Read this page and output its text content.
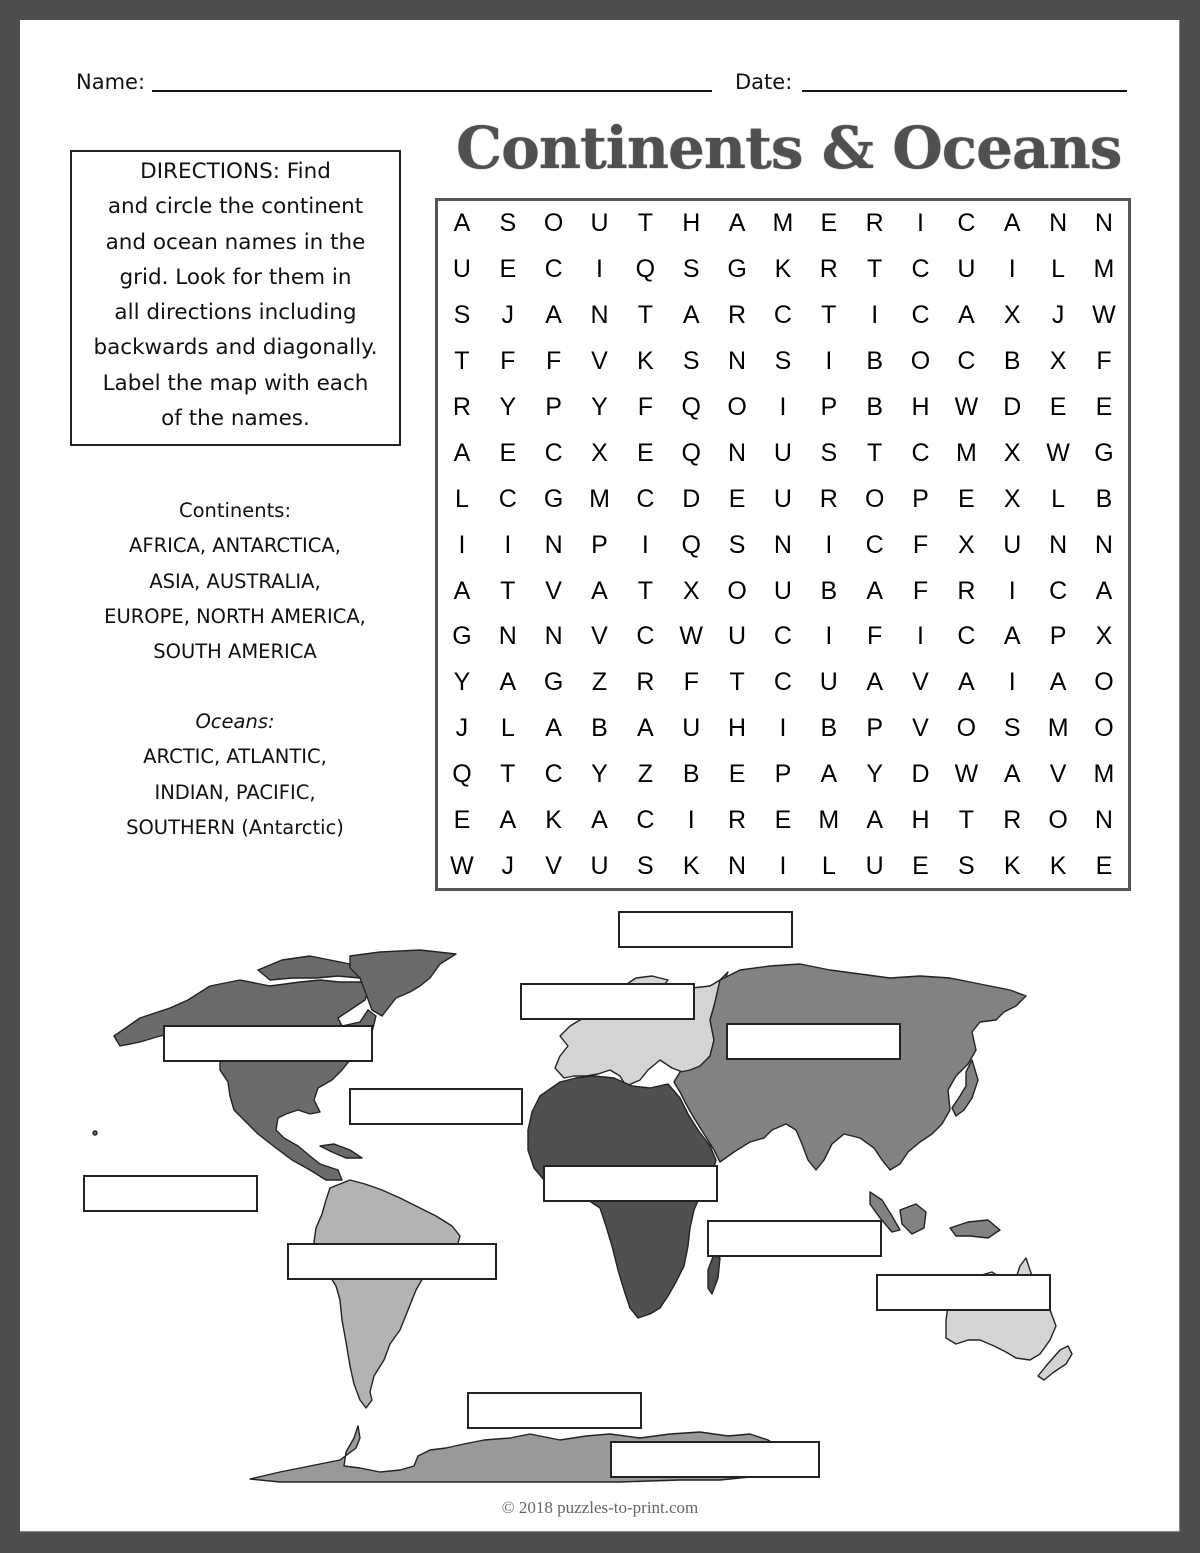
Name:	Date:
Continents & Oceans
DIRECTIONS: Find
and circle the continent
and ocean names in the
grid. Look for them in
all directions including
backwards and diagonally.
Label the map with each
of the names.
Continents:
AFRICA, ANTARCTICA,
ASIA, AUSTRALIA,
EUROPE, NORTH AMERICA,
SOUTH AMERICA
Oceans:
ARCTIC, ATLANTIC,
INDIAN, PACIFIC,
SOUTHERN (Antarctic)
A	S	O	U	T	H	A	M	E	R	I	C	A	N	N
U	E	C	I	Q	S	G	K	R	T	C	U	I	L	M
S	J	A	N	T	A	R	C	T	I	C	A	X	J	W
T	F	F	V	K	S	N	S	I	B	O	C	B	X	F
R	Y	P	Y	F	Q	O	I	P	B	H	W	D	E	E
A	E	C	X	E	Q	N	U	S	T	C	M	X	W G
L	C	G	M	C	D	E	U	R	O	P	E	X	L	B
I	I	N	P	I	Q	S	N	I	C	F	X	U	N	N
A	T	V	A	T	X	O	U	B	A	F	R	I	C	A
G	N	N	V	C	W	U	C	I	F	I	C	A	P	X
Y	A	G	Z	R	F	T	C	U	A	V	A	I	A	O
J	L	A	B	A	U	H	I	B	P	V	O	S	M	O
Q	T	C	Y	Z	B	E	P	A	Y	D	W	A	V	M
E	A	K	A	C	I	R	E	M	A	H	T	R	O	N
W	J	V	U	S	K	N	I	L	U	E	S	K	K	E
© 2018 puzzles-to-print.com
